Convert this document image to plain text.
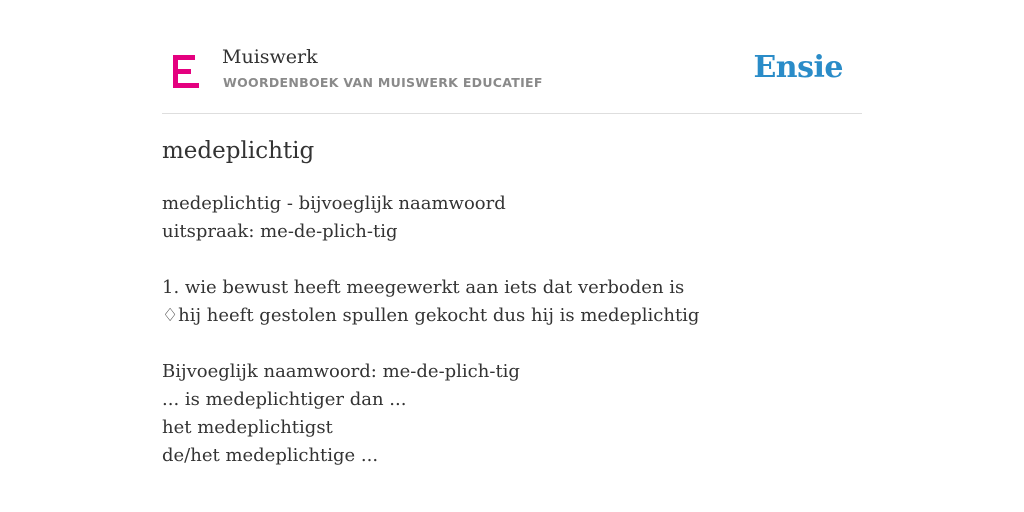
Muiswerk
WOORDENBOEK VAN MUISWERK EDUCATIEF	Ensie
medeplichtig
medeplichtig - bijvoeglijk naamwoord
uitspraak: me-de-plich-tig
1. wie bewust heeft meegewerkt aan iets dat verboden is
♢hij heeft gestolen spullen gekocht dus hij is medeplichtig
Bijvoeglijk naamwoord: me-de-plich-tig
... is medeplichtiger dan ...
het medeplichtigst
de/het medeplichtige ...
